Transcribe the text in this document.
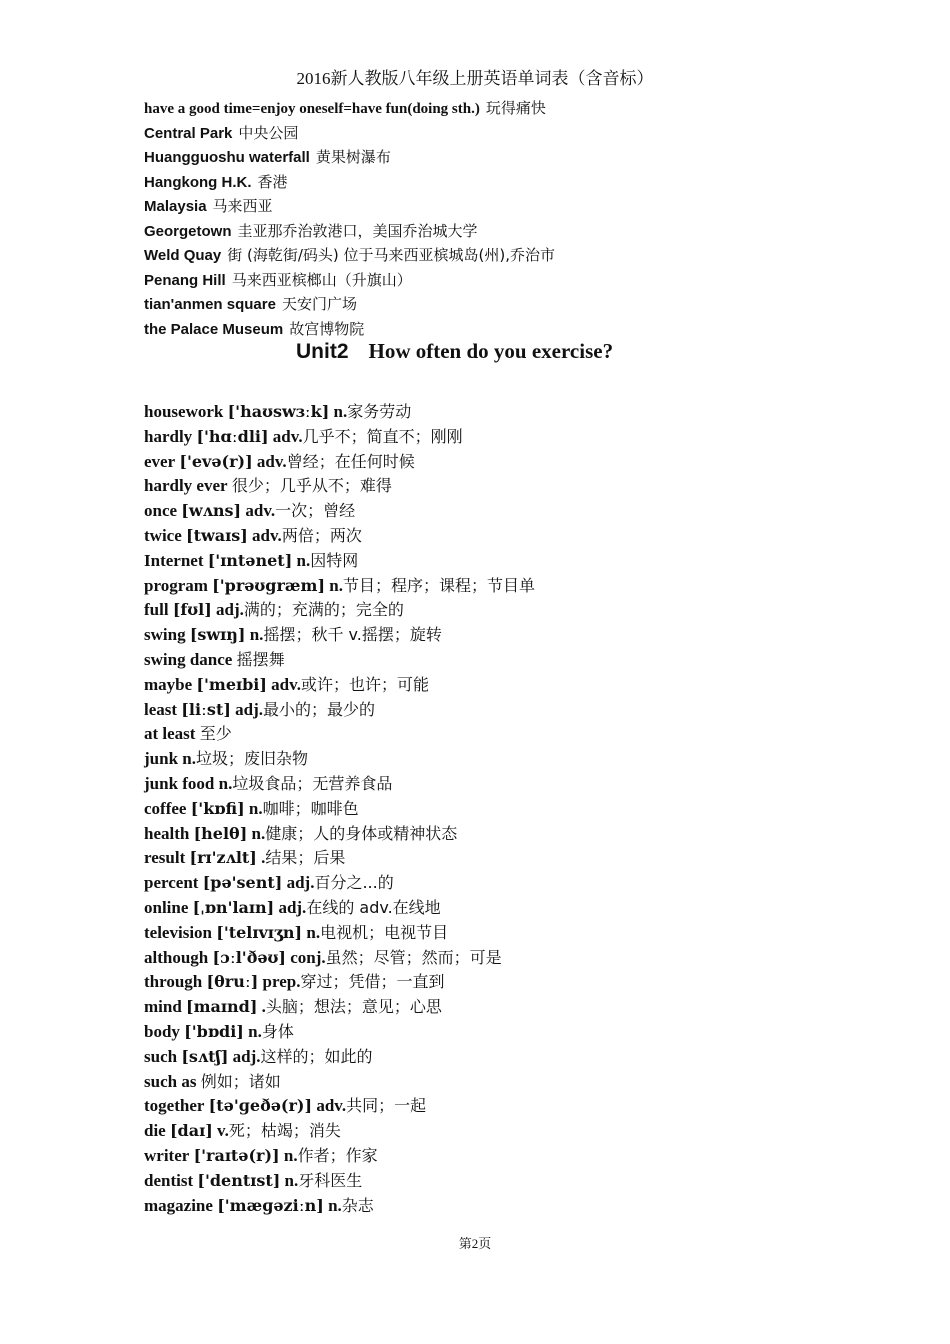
2016新人教版八年级上册英语单词表（含音标）
have a good time=enjoy oneself=have fun(doing sth.) 玩得痛快
Central Park 中央公园
Huangguoshu waterfall 黄果树瀑布
Hangkong H.K. 香港
Malaysia 马来西亚
Georgetown 圭亚那乔治敦港口，美国乔治城大学
Weld Quay 街 (海乾街/码头) 位于马来西亚槟城岛(州),乔治市
Penang Hill 马来西亚槟榔山（升旗山）
tian'anmen square 天安门广场
the Palace Museum 故宫博物院
Unit2 How often do you exercise?
housework ['haʊswɜːk] n.家务劳动
hardly ['hɑːdli] adv.几乎不；简直不；刚刚
ever ['evə(r)] adv.曾经；在任何时候
hardly ever 很少；几乎从不；难得
once [wʌns] adv.一次；曾经
twice [twaɪs] adv.两倍；两次
Internet ['ɪntənet] n.因特网
program ['prəʊgræm] n.节目；程序；课程；节目单
full [fʊl] adj.满的；充满的；完全的
swing [swɪŋ] n.摇摆；秋千 v.摇摆；旋转
swing dance 摇摆舞
maybe ['meɪbi] adv.或许；也许；可能
least [liːst] adj.最小的；最少的
at least 至少
junk n.垃圾；废旧杂物
junk food n.垃圾食品；无营养食品
coffee ['kɒfi] n.咖啡；咖啡色
health [helθ] n.健康；人的身体或精神状态
result [rɪ'zʌlt] .结果；后果
percent [pə'sent] adj.百分之...的
online [ˌɒn'laɪn] adj.在线的 adv.在线地
television ['telɪvɪʒn] n.电视机；电视节目
although [ɔːl'ðəʊ] conj.虽然；尽管；然而；可是
through [θruː] prep.穿过；凭借；一直到
mind [maɪnd] .头脑；想法；意见；心思
body ['bɒdi] n.身体
such [sʌtʃ] adj.这样的；如此的
such as 例如；诸如
together [tə'ɡeðə(r)] adv.共同；一起
die [daɪ] v.死；枯竭；消失
writer ['raɪtə(r)] n.作者；作家
dentist ['dentɪst] n.牙科医生
magazine ['mæɡəziːn] n.杂志
第2页
